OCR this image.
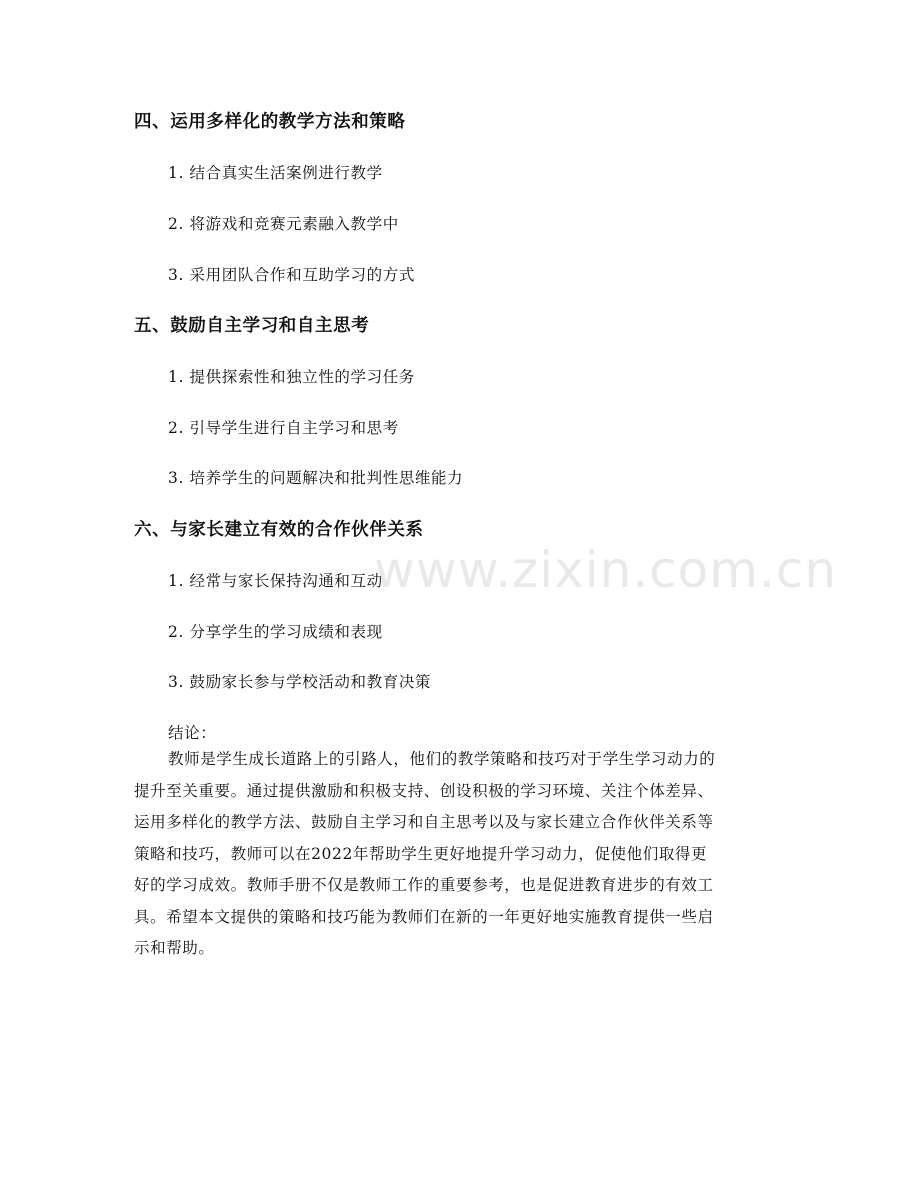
四、运用多样化的教学方法和策略
1. 结合真实生活案例进行教学
2. 将游戏和竞赛元素融入教学中
3. 采用团队合作和互助学习的方式
五、鼓励自主学习和自主思考
1. 提供探索性和独立性的学习任务
2. 引导学生进行自主学习和思考
3. 培养学生的问题解决和批判性思维能力
六、与家长建立有效的合作伙伴关系
1. 经常与家长保持沟通和互动
2. 分享学生的学习成绩和表现
3. 鼓励家长参与学校活动和教育决策
结论：
教师是学生成长道路上的引路人，他们的教学策略和技巧对于学生学习动力的
提升至关重要。通过提供激励和积极支持、创设积极的学习环境、关注个体差异、
运用多样化的教学方法、鼓励自主学习和自主思考以及与家长建立合作伙伴关系等
策略和技巧，教师可以在2022年帮助学生更好地提升学习动力，促使他们取得更
好的学习成效。教师手册不仅是教师工作的重要参考，也是促进教育进步的有效工
具。希望本文提供的策略和技巧能为教师们在新的一年更好地实施教育提供一些启
示和帮助。
www.zixin.com.cn
